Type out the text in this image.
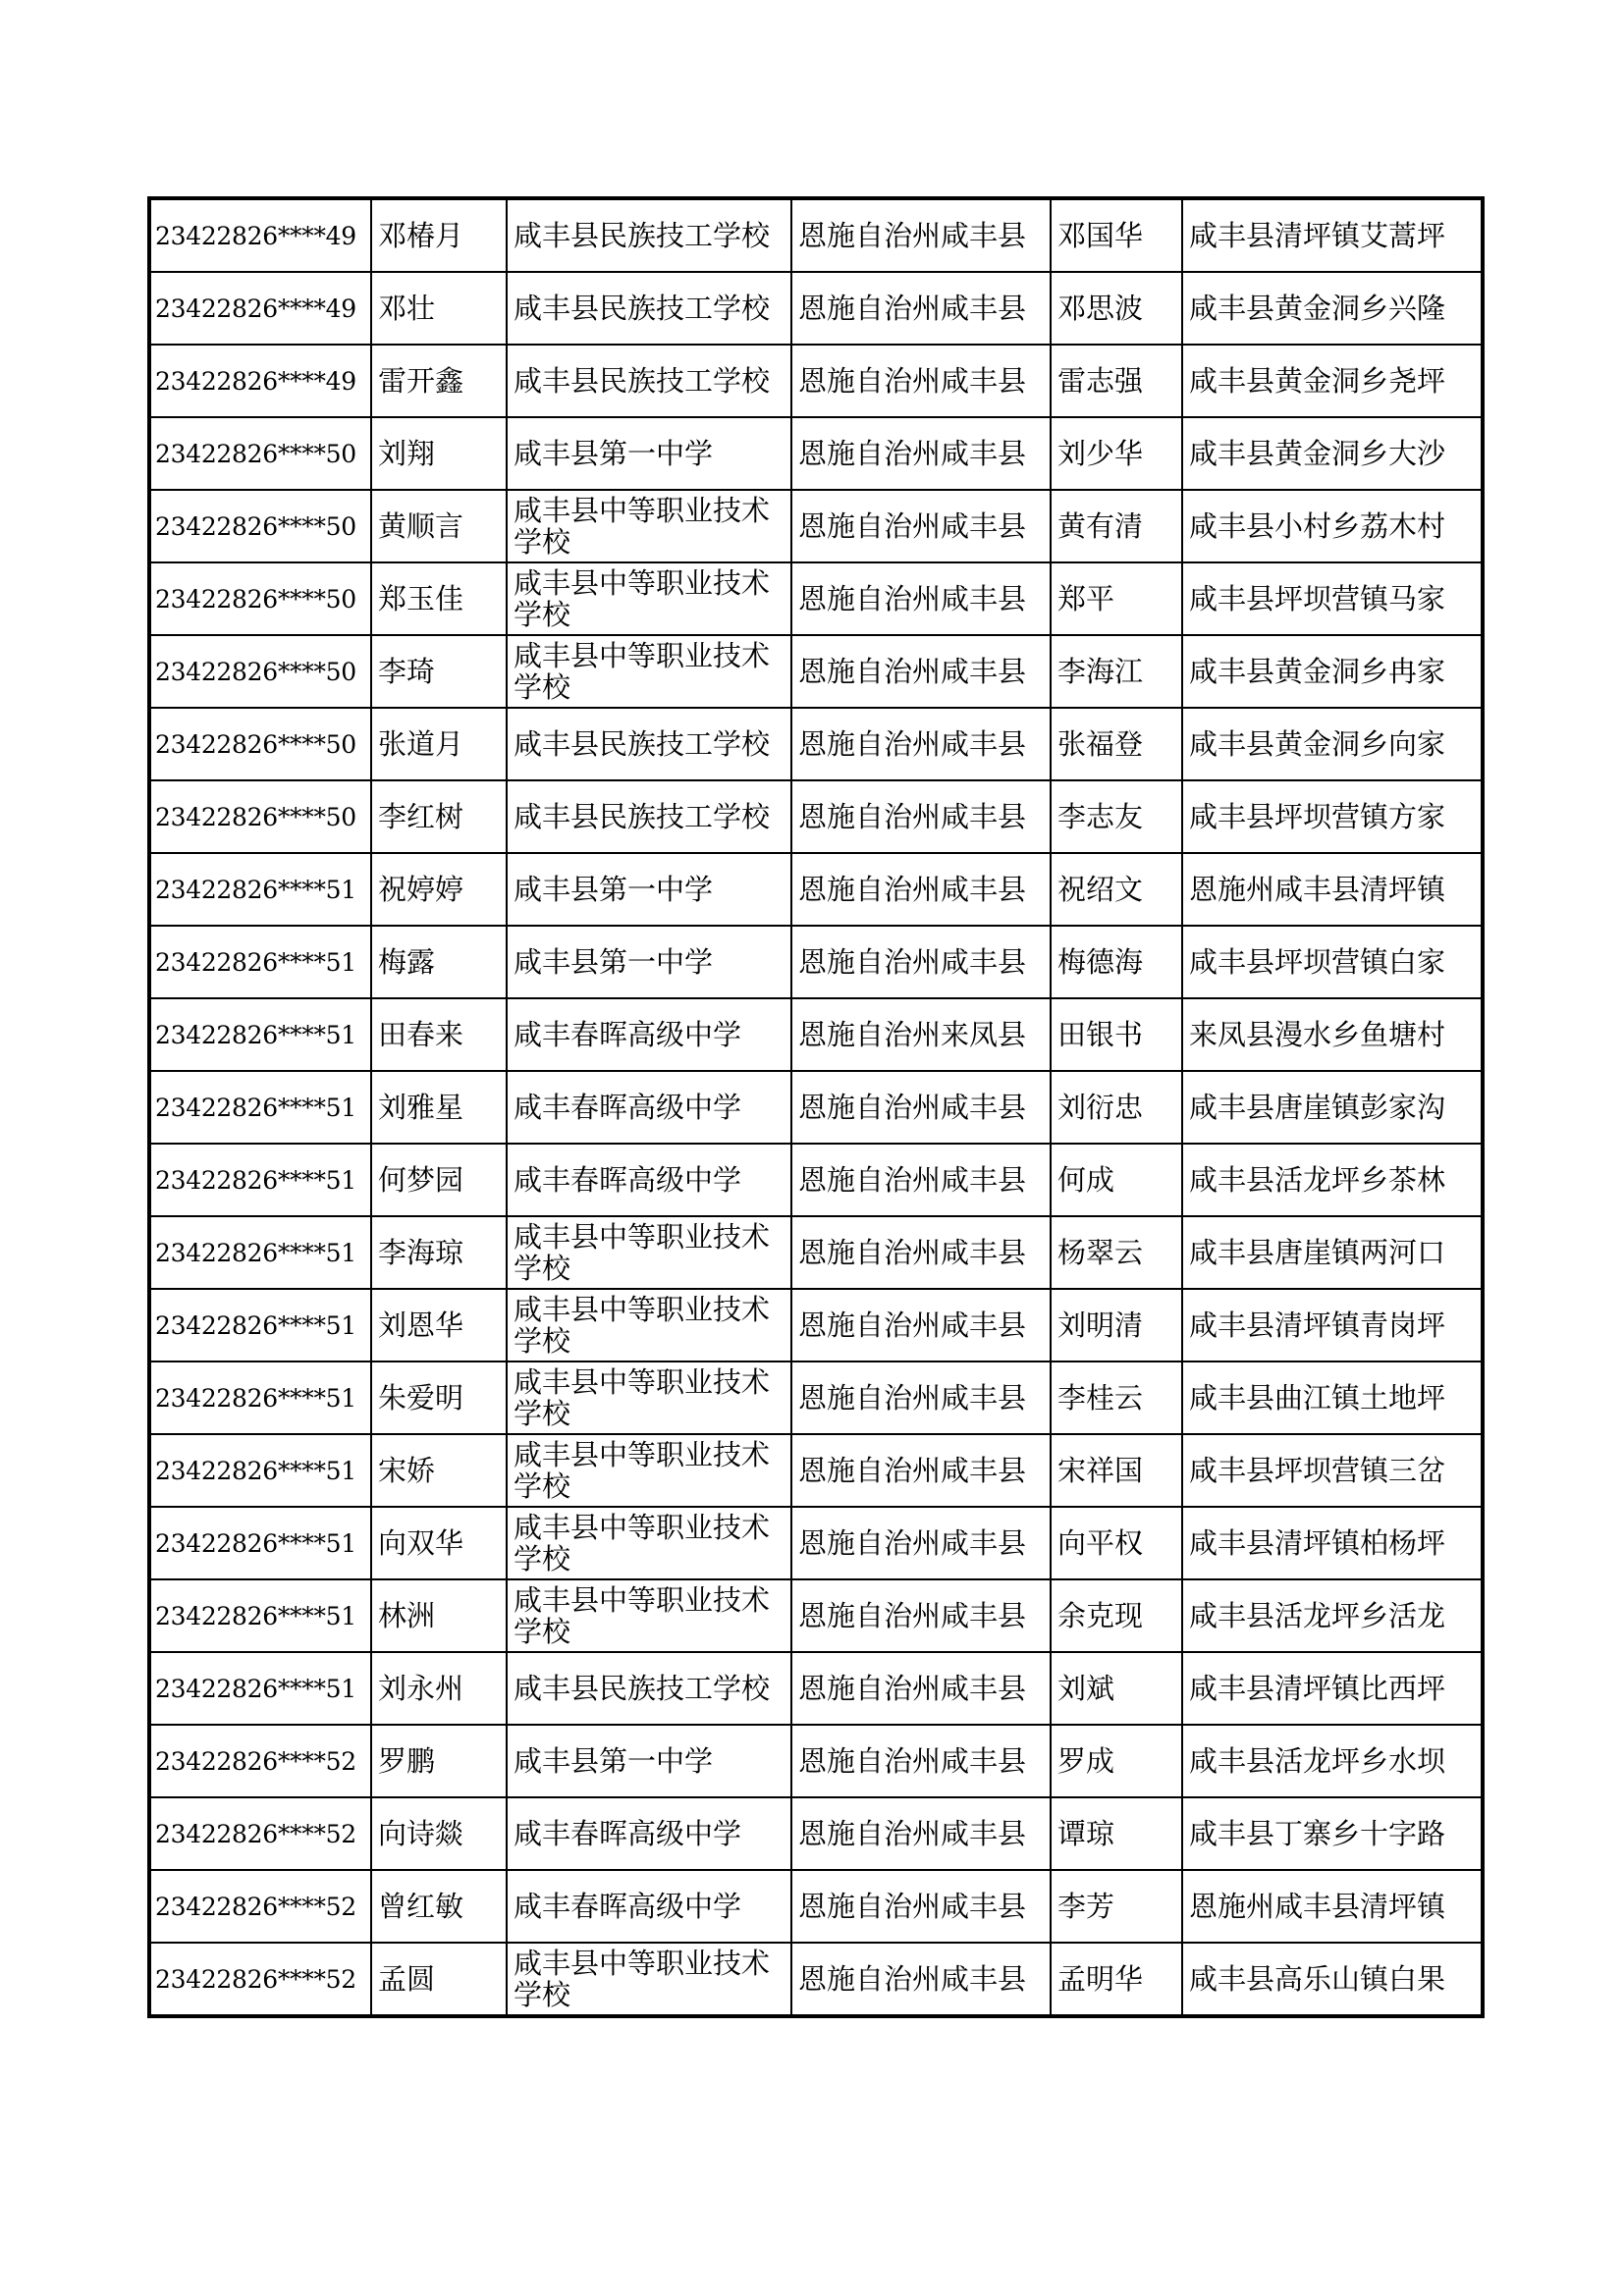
23422826****49	邓椿月	咸丰县民族技工学校	恩施自治州咸丰县	邓国华	咸丰县清坪镇艾蒿坪
23422826****49	邓壮	咸丰县民族技工学校	恩施自治州咸丰县	邓思波	咸丰县黄金洞乡兴隆
23422826****49	雷开鑫	咸丰县民族技工学校	恩施自治州咸丰县	雷志强	咸丰县黄金洞乡尧坪
23422826****50	刘翔	咸丰县第一中学	恩施自治州咸丰县	刘少华	咸丰县黄金洞乡大沙
23422826****50	黄顺言	咸丰县中等职业技术学校	恩施自治州咸丰县	黄有清	咸丰县小村乡荔木村
23422826****50	郑玉佳	咸丰县中等职业技术学校	恩施自治州咸丰县	郑平	咸丰县坪坝营镇马家
23422826****50	李琦	咸丰县中等职业技术学校	恩施自治州咸丰县	李海江	咸丰县黄金洞乡冉家
23422826****50	张道月	咸丰县民族技工学校	恩施自治州咸丰县	张福登	咸丰县黄金洞乡向家
23422826****50	李红树	咸丰县民族技工学校	恩施自治州咸丰县	李志友	咸丰县坪坝营镇方家
23422826****51	祝婷婷	咸丰县第一中学	恩施自治州咸丰县	祝绍文	恩施州咸丰县清坪镇
23422826****51	梅露	咸丰县第一中学	恩施自治州咸丰县	梅德海	咸丰县坪坝营镇白家
23422826****51	田春来	咸丰春晖高级中学	恩施自治州来凤县	田银书	来凤县漫水乡鱼塘村
23422826****51	刘雅星	咸丰春晖高级中学	恩施自治州咸丰县	刘衍忠	咸丰县唐崖镇彭家沟
23422826****51	何梦园	咸丰春晖高级中学	恩施自治州咸丰县	何成	咸丰县活龙坪乡茶林
23422826****51	李海琼	咸丰县中等职业技术学校	恩施自治州咸丰县	杨翠云	咸丰县唐崖镇两河口
23422826****51	刘恩华	咸丰县中等职业技术学校	恩施自治州咸丰县	刘明清	咸丰县清坪镇青岗坪
23422826****51	朱爱明	咸丰县中等职业技术学校	恩施自治州咸丰县	李桂云	咸丰县曲江镇土地坪
23422826****51	宋娇	咸丰县中等职业技术学校	恩施自治州咸丰县	宋祥国	咸丰县坪坝营镇三岔
23422826****51	向双华	咸丰县中等职业技术学校	恩施自治州咸丰县	向平权	咸丰县清坪镇柏杨坪
23422826****51	林洲	咸丰县中等职业技术学校	恩施自治州咸丰县	余克现	咸丰县活龙坪乡活龙
23422826****51	刘永州	咸丰县民族技工学校	恩施自治州咸丰县	刘斌	咸丰县清坪镇比西坪
23422826****52	罗鹏	咸丰县第一中学	恩施自治州咸丰县	罗成	咸丰县活龙坪乡水坝
23422826****52	向诗燚	咸丰春晖高级中学	恩施自治州咸丰县	谭琼	咸丰县丁寨乡十字路
23422826****52	曾红敏	咸丰春晖高级中学	恩施自治州咸丰县	李芳	恩施州咸丰县清坪镇
23422826****52	孟圆	咸丰县中等职业技术学校	恩施自治州咸丰县	孟明华	咸丰县高乐山镇白果
